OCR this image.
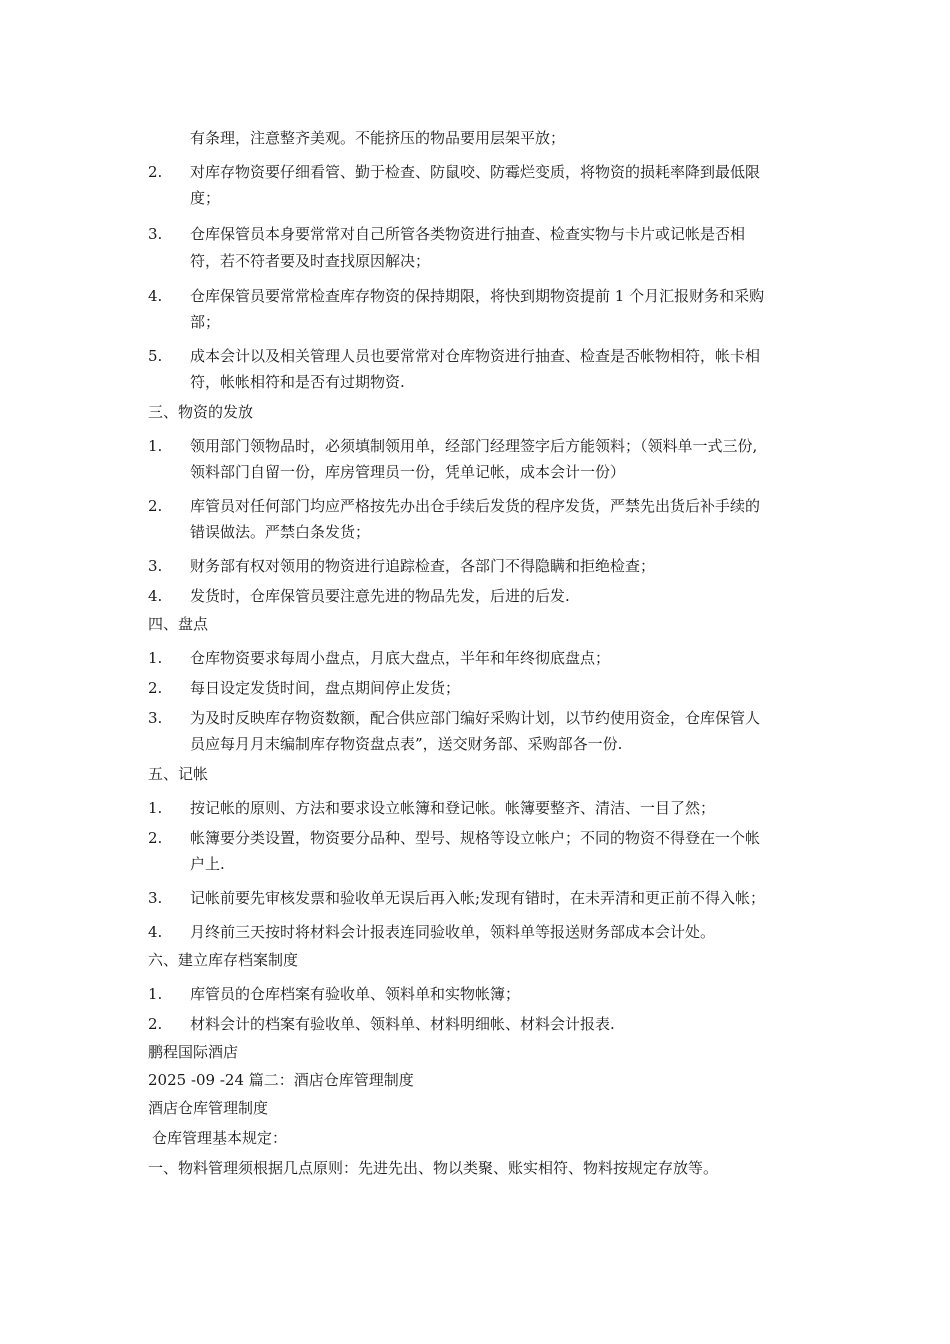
有条理，注意整齐美观。不能挤压的物品要用层架平放；
2. 对库存物资要仔细看管、勤于检查、防鼠咬、防霉烂变质，将物资的损耗率降到最低限
度；
3. 仓库保管员本身要常常对自己所管各类物资进行抽查、检查实物与卡片或记帐是否相
符，若不符者要及时查找原因解决；
4. 仓库保管员要常常检查库存物资的保持期限，将快到期物资提前 1 个月汇报财务和采购
部；
5. 成本会计以及相关管理人员也要常常对仓库物资进行抽查、检查是否帐物相符，帐卡相
符，帐帐相符和是否有过期物资.
三、物资的发放
1. 领用部门领物品时，必须填制领用单，经部门经理签字后方能领料；（领料单一式三份,
领料部门自留一份，库房管理员一份，凭单记帐，成本会计一份）
2. 库管员对任何部门均应严格按先办出仓手续后发货的程序发货，严禁先出货后补手续的
错误做法。严禁白条发货；
3. 财务部有权对领用的物资进行追踪检查，各部门不得隐瞒和拒绝检查；
4. 发货时，仓库保管员要注意先进的物品先发，后进的后发.
四、盘点
1. 仓库物资要求每周小盘点，月底大盘点，半年和年终彻底盘点；
2. 每日设定发货时间，盘点期间停止发货；
3. 为及时反映库存物资数额，配合供应部门编好采购计划，以节约使用资金，仓库保管人
员应每月月末编制库存物资盘点表”，送交财务部、采购部各一份.
五、记帐
1. 按记帐的原则、方法和要求设立帐簿和登记帐。帐簿要整齐、清洁、一目了然；
2. 帐簿要分类设置，物资要分品种、型号、规格等设立帐户；不同的物资不得登在一个帐
户上.
3. 记帐前要先审核发票和验收单无误后再入帐;发现有错时，在未弄清和更正前不得入帐；
4. 月终前三天按时将材料会计报表连同验收单，领料单等报送财务部成本会计处。
六、建立库存档案制度
1. 库管员的仓库档案有验收单、领料单和实物帐簿；
2. 材料会计的档案有验收单、领料单、材料明细帐、材料会计报表.
鹏程国际酒店
2025 -09 -24 篇二：酒店仓库管理制度
酒店仓库管理制度
仓库管理基本规定：
一、物料管理须根据几点原则：先进先出、物以类聚、账实相符、物料按规定存放等。
